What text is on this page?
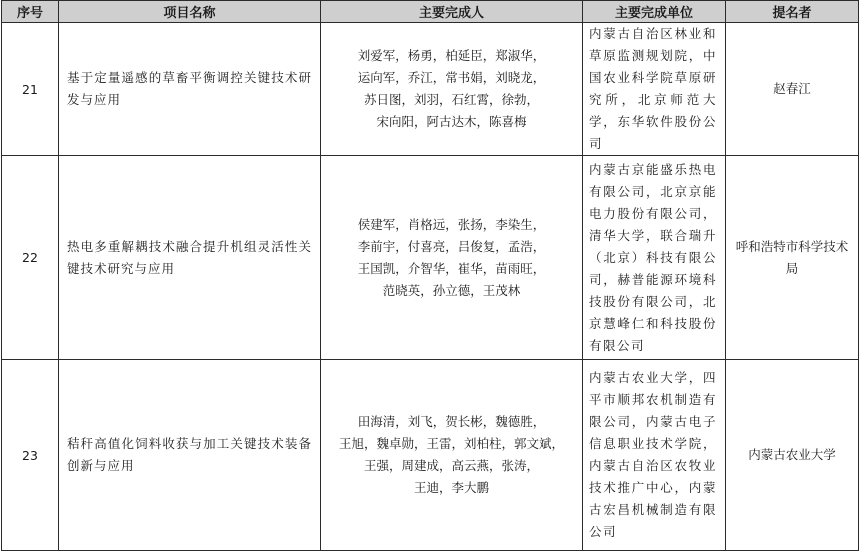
序号	项目名称	主要完成人	主要完成单位	提名者
21	基于定量遥感的草畜平衡调控关键技术研发与应用	刘爱军，杨勇，柏延臣，郑淑华，
运向军，乔江，常书娟，刘晓龙，
苏日图，刘羽，石红霄，徐勃，
宋向阳，阿古达木，陈喜梅	内蒙古自治区林业和草原监测规划院，中国农业科学院草原研究所，北京师范大学，东华软件股份公司	赵春江
22	热电多重解耦技术融合提升机组灵活性关键技术研究与应用	侯建军，肖格远，张扬，李染生，
李前宇，付喜亮，吕俊复，孟浩，
王国凯，介智华，崔华，苗雨旺，
范晓英，孙立德，王茂林	内蒙古京能盛乐热电有限公司，北京京能电力股份有限公司，清华大学，联合瑞升（北京）科技有限公司，赫普能源环境科技股份有限公司，北京慧峰仁和科技股份有限公司	呼和浩特市科学技术局
23	秸秆高值化饲料收获与加工关键技术装备创新与应用	田海清，刘飞，贺长彬，魏德胜，
王旭，魏卓勋，王雷，刘柏柱，郭文斌，
王强，周建成，高云燕，张涛，
王迪，李大鹏	内蒙古农业大学，四平市顺邦农机制造有限公司，内蒙古电子信息职业技术学院，内蒙古自治区农牧业技术推广中心，内蒙古宏昌机械制造有限公司	内蒙古农业大学
